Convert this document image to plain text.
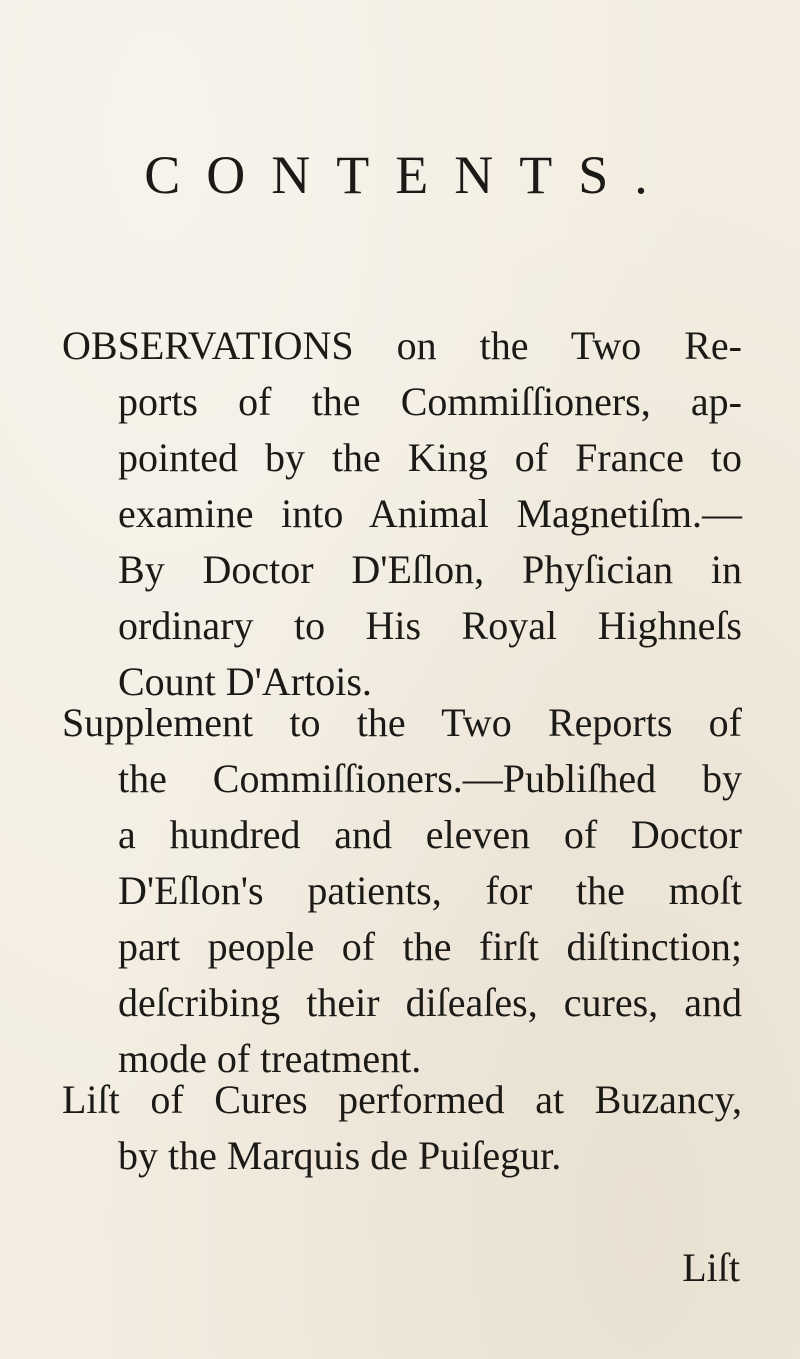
CONTENTS.
OBSERVATIONS on the Two Re-
ports of the Commiſſioners, ap-
pointed by the King of France to
examine into Animal Magnetiſm.—
By Doctor D'Eſlon, Phyſician in
ordinary to His Royal Highneſs
Count D'Artois.
Supplement to the Two Reports of
the Commiſſioners.—Publiſhed by
a hundred and eleven of Doctor
D'Eſlon's patients, for the moſt
part people of the firſt diſtinction;
deſcribing their diſeaſes, cures, and
mode of treatment.
Liſt of Cures performed at Buzancy,
by the Marquis de Puiſegur.
Liſt
